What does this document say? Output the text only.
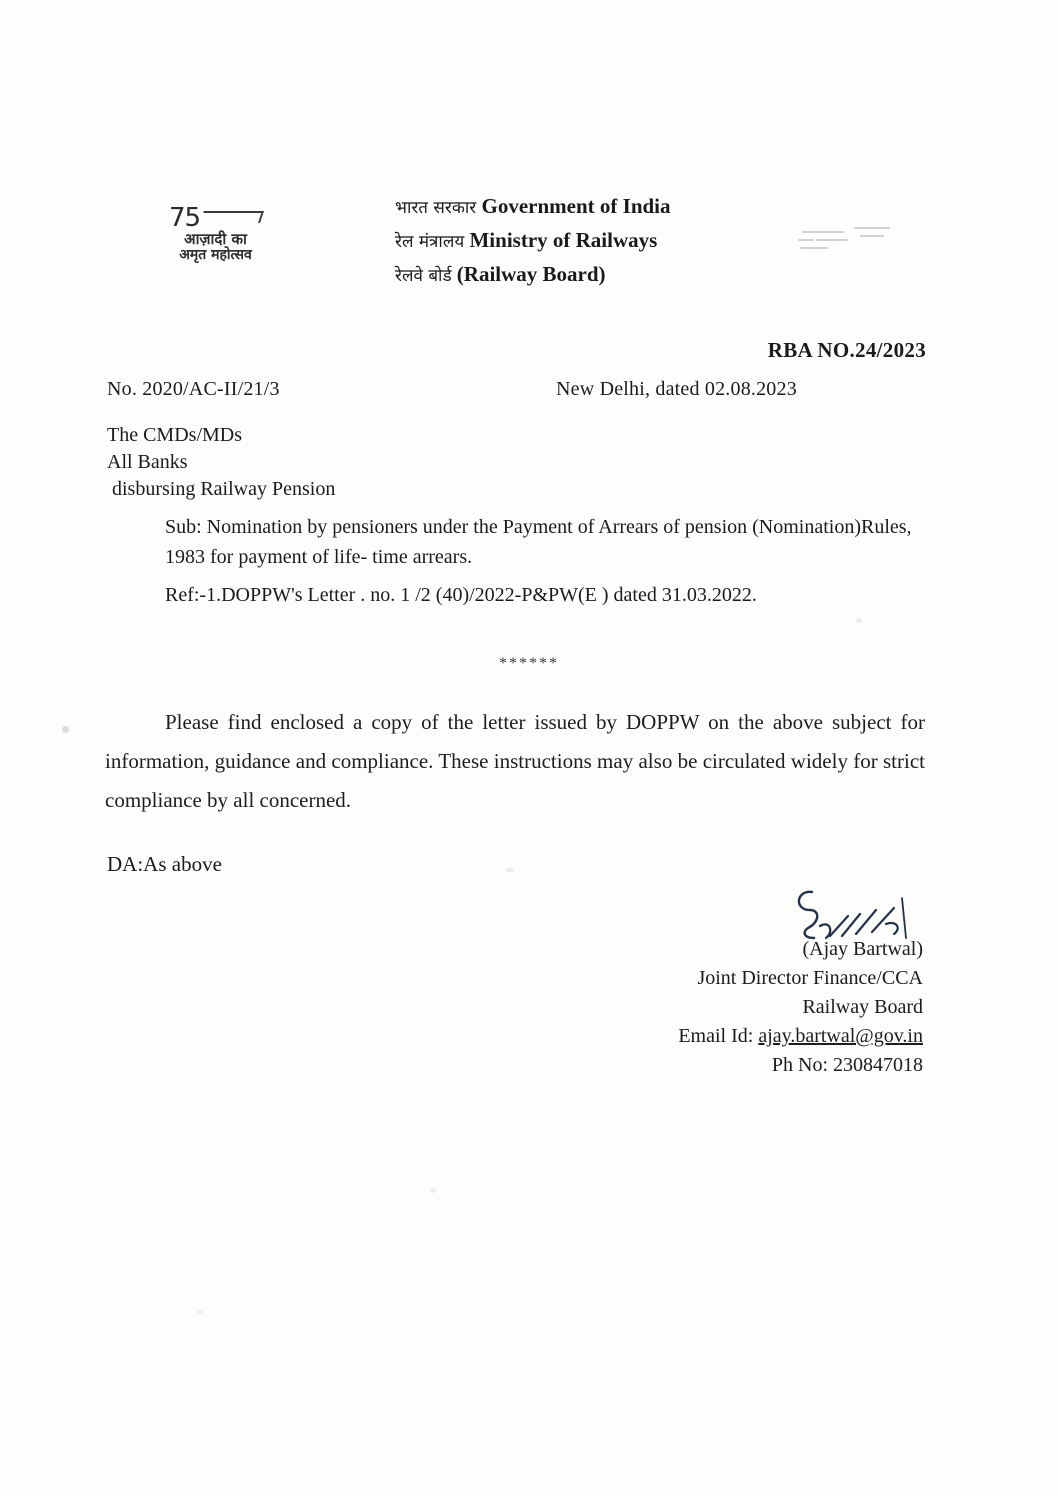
75
आज़ादी का
अमृत महोत्सव
भारत सरकार Government of India
रेल मंत्रालय Ministry of Railways
रेलवे बोर्ड (Railway Board)
RBA NO.24/2023
No. 2020/AC-II/21/3	New Delhi, dated 02.08.2023
The CMDs/MDs
All Banks
disbursing Railway Pension
Sub: Nomination by pensioners under the Payment of Arrears of pension (Nomination)Rules, 1983 for payment of life- time arrears.
Ref:-1.DOPPW's Letter . no. 1 /2 (40)/2022-P&PW(E ) dated 31.03.2022.
******
Please find enclosed a copy of the letter issued by DOPPW on the above subject for information, guidance and compliance. These instructions may also be circulated widely for strict compliance by all concerned.
DA:As above
(Ajay Bartwal)
Joint Director Finance/CCA
Railway Board
Email Id: ajay.bartwal@gov.in
Ph No: 230847018
